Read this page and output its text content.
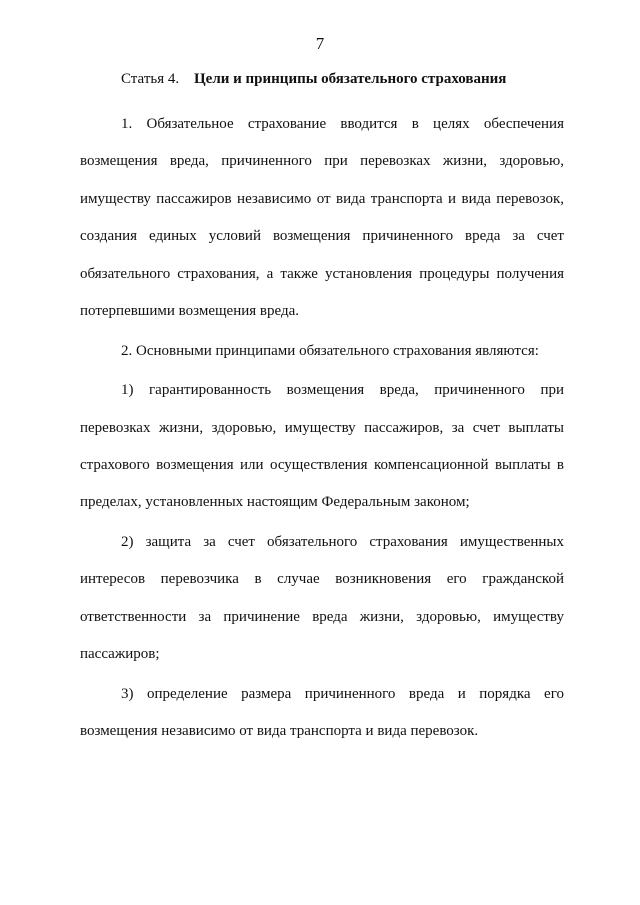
7
Статья 4. Цели и принципы обязательного страхования
1. Обязательное страхование вводится в целях обеспечения
возмещения вреда, причиненного при перевозках жизни, здоровью,
имуществу пассажиров независимо от вида транспорта и вида перевозок,
создания единых условий возмещения причиненного вреда за счет
обязательного страхования, а также установления процедуры получения
потерпевшими возмещения вреда.
2. Основными принципами обязательного страхования являются:
1) гарантированность возмещения вреда, причиненного при
перевозках жизни, здоровью, имуществу пассажиров, за счет выплаты
страхового возмещения или осуществления компенсационной выплаты в
пределах, установленных настоящим Федеральным законом;
2) защита за счет обязательного страхования имущественных
интересов перевозчика в случае возникновения его гражданской
ответственности за причинение вреда жизни, здоровью, имуществу
пассажиров;
3) определение размера причиненного вреда и порядка его
возмещения независимо от вида транспорта и вида перевозок.
